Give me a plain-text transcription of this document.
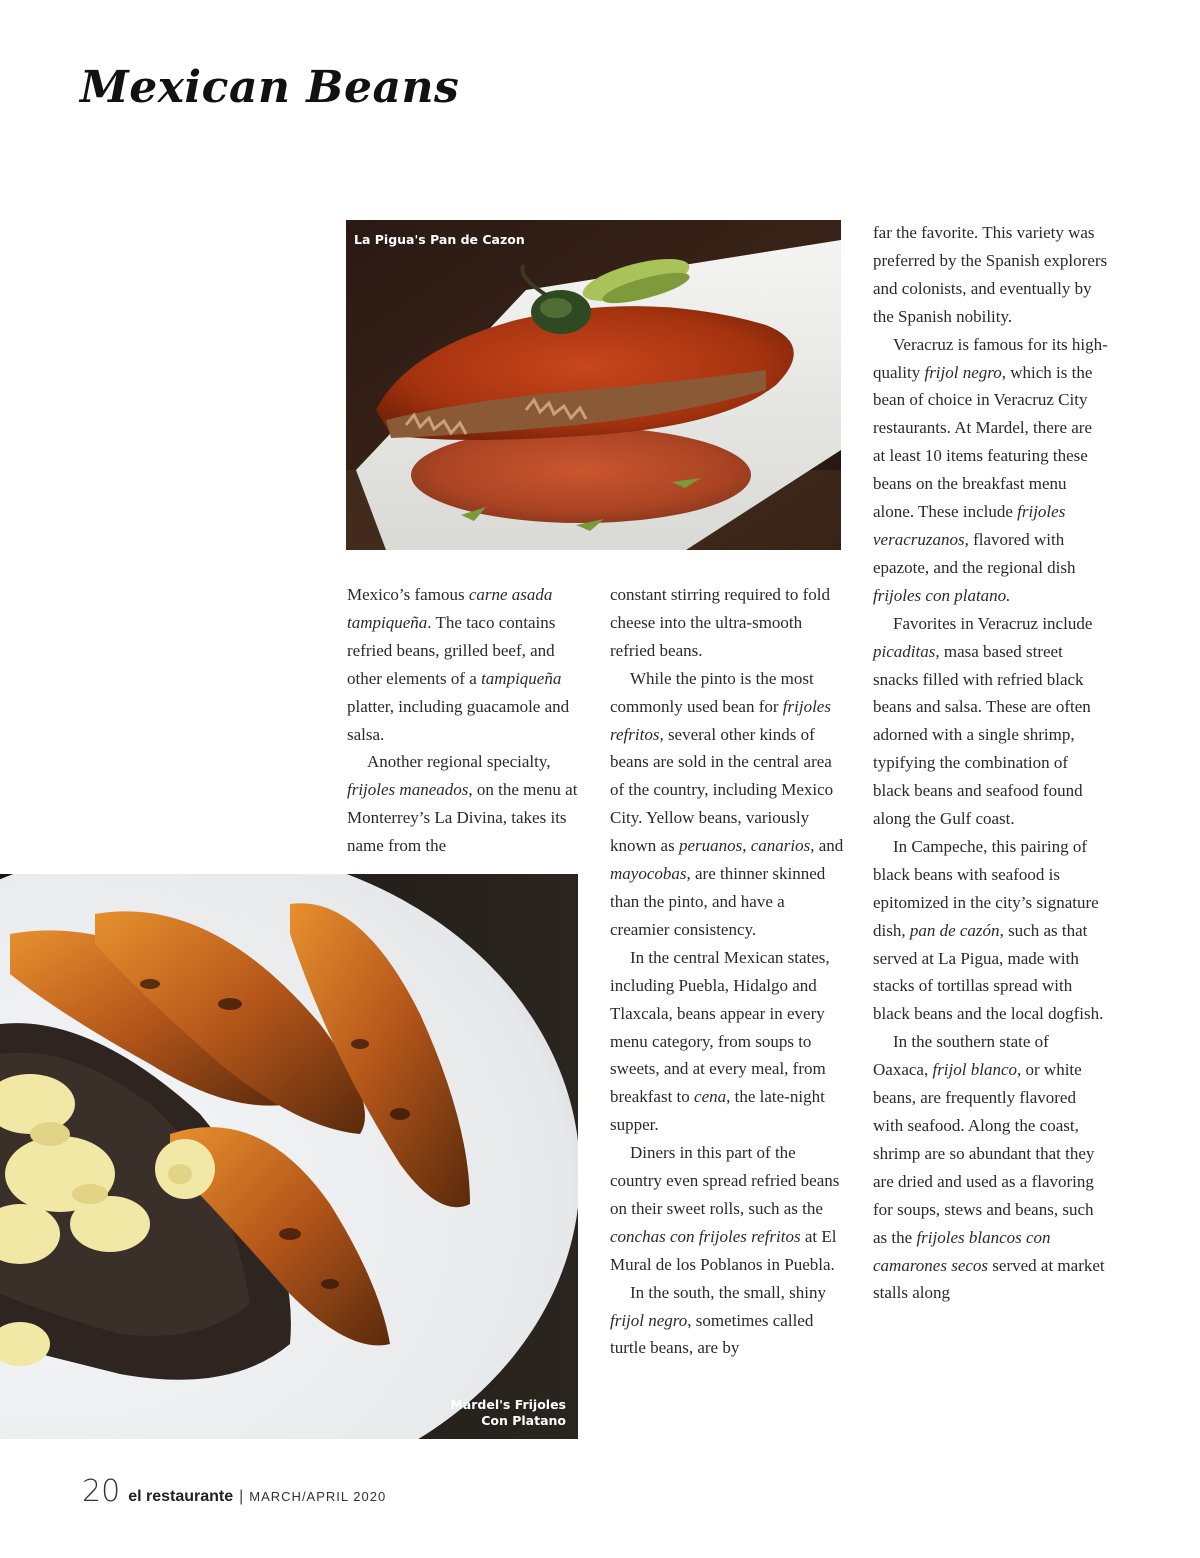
Mexican Beans
La Pigua's Pan de Cazon
Mardel's Frijoles
Con Platano

Mexico’s famous carne asada tampiqueña. The taco contains refried beans, grilled beef, and other elements of a tampiqueña platter, including guacamole and salsa.

Another regional specialty, frijoles maneados, on the menu at Monterrey’s La Divina, takes its name from the

constant stirring required to fold cheese into the ultra-smooth refried beans.

While the pinto is the most commonly used bean for frijoles refritos, several other kinds of beans are sold in the central area of the country, including Mexico City. Yellow beans, variously known as peruanos, canarios, and mayocobas, are thinner skinned than the pinto, and have a creamier consistency.

In the central Mexican states, including Puebla, Hidalgo and Tlaxcala, beans appear in every menu category, from soups to sweets, and at every meal, from breakfast to cena, the late-night supper.

Diners in this part of the country even spread refried beans on their sweet rolls, such as the conchas con frijoles refritos at El Mural de los Poblanos in Puebla.

In the south, the small, shiny frijol negro, sometimes called turtle beans, are by

far the favorite. This variety was preferred by the Spanish explorers and colonists, and eventually by the Spanish nobility.

Veracruz is famous for its high-quality frijol negro, which is the bean of choice in Veracruz City restaurants. At Mardel, there are at least 10 items featuring these beans on the breakfast menu alone. These include frijoles veracruzanos, flavored with epazote, and the regional dish frijoles con platano.

Favorites in Veracruz include picaditas, masa based street snacks filled with refried black beans and salsa. These are often adorned with a single shrimp, typifying the combination of black beans and seafood found along the Gulf coast.

In Campeche, this pairing of black beans with seafood is epitomized in the city’s signature dish, pan de cazón, such as that served at La Pigua, made with stacks of tortillas spread with black beans and the local dogfish.

In the southern state of Oaxaca, frijol blanco, or white beans, are frequently flavored with seafood. Along the coast, shrimp are so abundant that they are dried and used as a flavoring for soups, stews and beans, such as the frijoles blancos con camarones secos served at market stalls along

20 el restaurante | MARCH/APRIL 2020
